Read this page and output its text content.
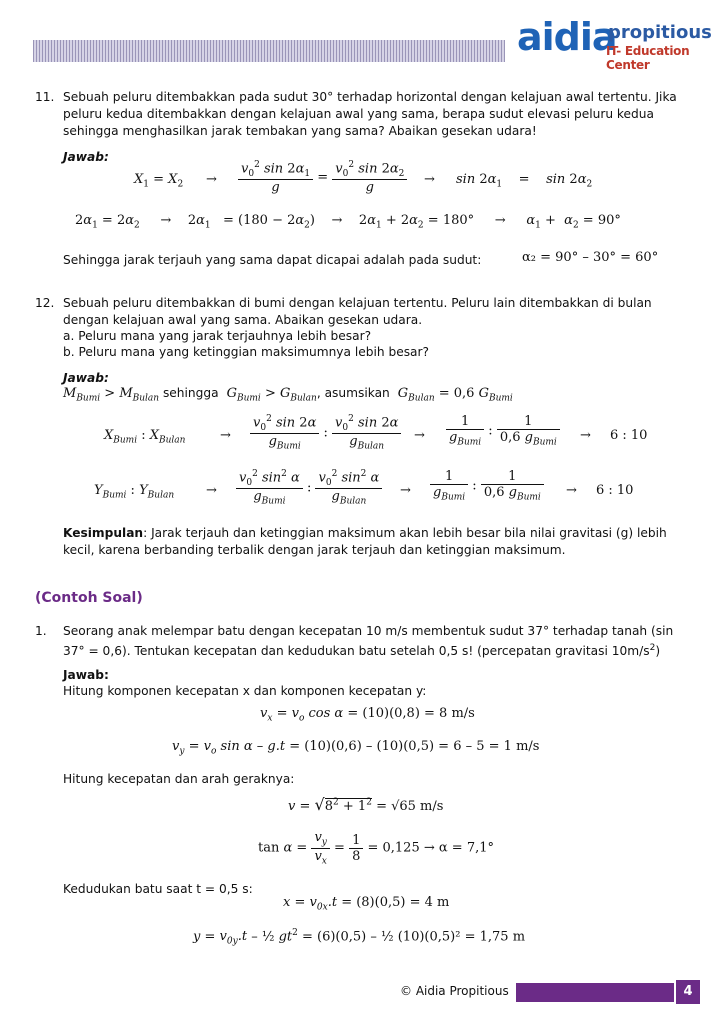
aidia
propitious
IT- Education Center
11. Sebuah peluru ditembakkan pada sudut 30° terhadap horizontal dengan kelajuan awal tertentu. Jika
peluru kedua ditembakkan dengan kelajuan awal yang sama, berapa sudut elevasi peluru kedua
sehingga menghasilkan jarak tembakan yang sama? Abaikan gesekan udara!
Jawab:
$X_1 = X_2 \to \frac{v_0^2 \sin 2\alpha_1}{g} = \frac{v_0^2 \sin 2\alpha_2}{g} \to \sin 2\alpha_1$    =    $\sin 2\alpha_2$
$2\alpha_1 = 2\alpha_2$     →    $2\alpha_1 = (180 - 2\alpha_2)$    →    $2\alpha_1 + 2\alpha_2 = 180^\circ$     →     $\alpha_1 + \alpha_2 = 90^\circ$
Sehingga jarak terjauh yang sama dapat dicapai adalah pada sudut:	α₂ = 90° – 30° = 60°
12. Sebuah peluru ditembakkan di bumi dengan kelajuan tertentu. Peluru lain ditembakkan di bulan
dengan kelajuan awal yang sama. Abaikan gesekan udara.
a. Peluru mana yang jarak terjauhnya lebih besar?
b. Peluru mana yang ketinggian maksimumnya lebih besar?
Jawab:
$M_{Bumi} > M_{Bulan}$ sehingga $G_{Bumi} > G_{Bulan}$, asumsikan $G_{Bulan} = 0,6$ $G_{Bumi}$
$X_{Bumi}$ : $X_{Bulan}$	→ $\frac{v_0^2 \sin 2\alpha}{g_{Bumi}}$ : $\frac{v_0^2 \sin 2\alpha}{g_{Bulan}} \to \frac{1}{g_{Bumi}}$ : $\frac{1}{0,6 g_{Bumi}} \to 6$ : 10
$Y_{Bumi}$ : $Y_{Bulan} \to \frac{v_0^2 \sin^2 \alpha}{g_{Bumi}}$ : $\frac{v_0^2 \sin^2 \alpha}{g_{Bulan}} \to \frac{1}{g_{Bumi}}$ : $\frac{1}{0,6 g_{Bumi}} \to 6$ : 10
Kesimpulan: Jarak terjauh dan ketinggian maksimum akan lebih besar bila nilai gravitasi (g) lebih
kecil, karena berbanding terbalik dengan jarak terjauh dan ketinggian maksimum.
(Contoh Soal)
1. Seorang anak melempar batu dengan kecepatan 10 m/s membentuk sudut 37° terhadap tanah (sin
37° = 0,6). Tentukan kecepatan dan kedudukan batu setelah 0,5 s! (percepatan gravitasi $10m/s^2$)
Jawab:
Hitung komponen kecepatan x dan komponen kecepatan y:
$v_x = v_o$ cos α = (10)(0,8) = 8 m/s
$v_y = v_o$ sin α – g.t = (10)(0,6) – (10)(0,5) = 6 – 5 = 1 m/s
Hitung kecepatan dan arah geraknya:
$v = √8^2 + 1^2 = √65$ m/s
$\tan \alpha = \frac{v_y}{v_x} = \frac{1}{8} = 0,125 \to \alpha = 7,1^\circ$
Kedudukan batu saat t = 0,5 s:
$x = v_{0x}.t = (8)(0,5) = 4$ m
$y = v_{0y}.t$ – ½ $gt^2 = (6)(0,5)$ – ½ (10)(0,5)² = 1,75 m
© Aidia Propitious	4
